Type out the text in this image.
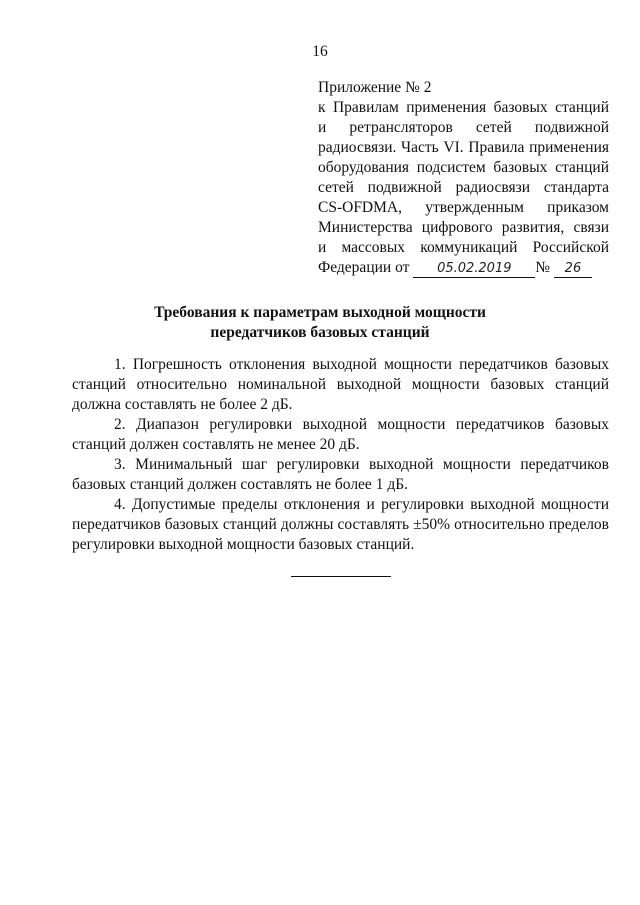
16
Приложение № 2
к Правилам применения базовых станций
и ретрансляторов сетей подвижной
радиосвязи. Часть VI. Правила применения
оборудования подсистем базовых станций
сетей подвижной радиосвязи стандарта
CS-OFDMA, утвержденным приказом
Министерства цифрового развития, связи
и массовых коммуникаций Российской
Федерации от 05.02.2019 № 26
Требования к параметрам выходной мощности
передатчиков базовых станций

1. Погрешность отклонения выходной мощности передатчиков базовых станций относительно номинальной выходной мощности базовых станций должна составлять не более 2 дБ.

2. Диапазон регулировки выходной мощности передатчиков базовых станций должен составлять не менее 20 дБ.

3. Минимальный шаг регулировки выходной мощности передатчиков базовых станций должен составлять не более 1 дБ.

4. Допустимые пределы отклонения и регулировки выходной мощности передатчиков базовых станций должны составлять ±50% относительно пределов регулировки выходной мощности базовых станций.
